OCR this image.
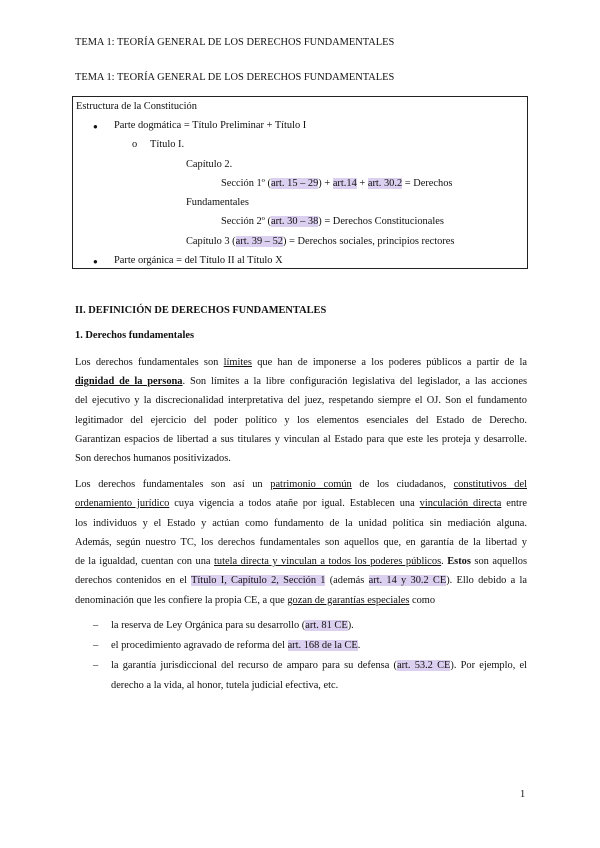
TEMA 1: TEORÍA GENERAL DE LOS DERECHOS FUNDAMENTALES
TEMA 1: TEORÍA GENERAL DE LOS DERECHOS FUNDAMENTALES
Estructura de la Constitución
● Parte dogmática = Título Preliminar + Título I
o Título I.
Capítulo 2.
Sección 1º (art. 15 – 29) + art.14 + art. 30.2 = Derechos
Fundamentales
Sección 2º (art. 30 – 38) = Derechos Constitucionales
Capítulo 3 (art. 39 – 52) = Derechos sociales, principios rectores
● Parte orgánica = del Título II al Título X
II. DEFINICIÓN DE DERECHOS FUNDAMENTALES
1. Derechos fundamentales
Los derechos fundamentales son límites que han de imponerse a los poderes públicos a partir de la
dignidad de la persona. Son límites a la libre configuración legislativa del legislador, a las acciones
del ejecutivo y la discrecionalidad interpretativa del juez, respetando siempre el OJ. Son el fundamento
legitimador del ejercicio del poder político y los elementos esenciales del Estado de Derecho.
Garantizan espacios de libertad a sus titulares y vinculan al Estado para que este les proteja y desarrolle.
Son derechos humanos positivizados.
Los derechos fundamentales son así un patrimonio común de los ciudadanos, constitutivos del
ordenamiento jurídico cuya vigencia a todos atañe por igual. Establecen una vinculación directa entre
los individuos y el Estado y actúan como fundamento de la unidad política sin mediación alguna.
Además, según nuestro TC, los derechos fundamentales son aquellos que, en garantía de la libertad y
de la igualdad, cuentan con una tutela directa y vinculan a todos los poderes públicos. Estos son aquellos
derechos contenidos en el Título I, Capítulo 2, Sección 1 (además art. 14 y 30.2 CE). Ello debido a la
denominación que les confiere la propia CE, a que gozan de garantías especiales como
– la reserva de Ley Orgánica para su desarrollo (art. 81 CE).
– el procedimiento agravado de reforma del art. 168 de la CE.
– la garantía jurisdiccional del recurso de amparo para su defensa (art. 53.2 CE). Por ejemplo, el
derecho a la vida, al honor, tutela judicial efectiva, etc.
1
